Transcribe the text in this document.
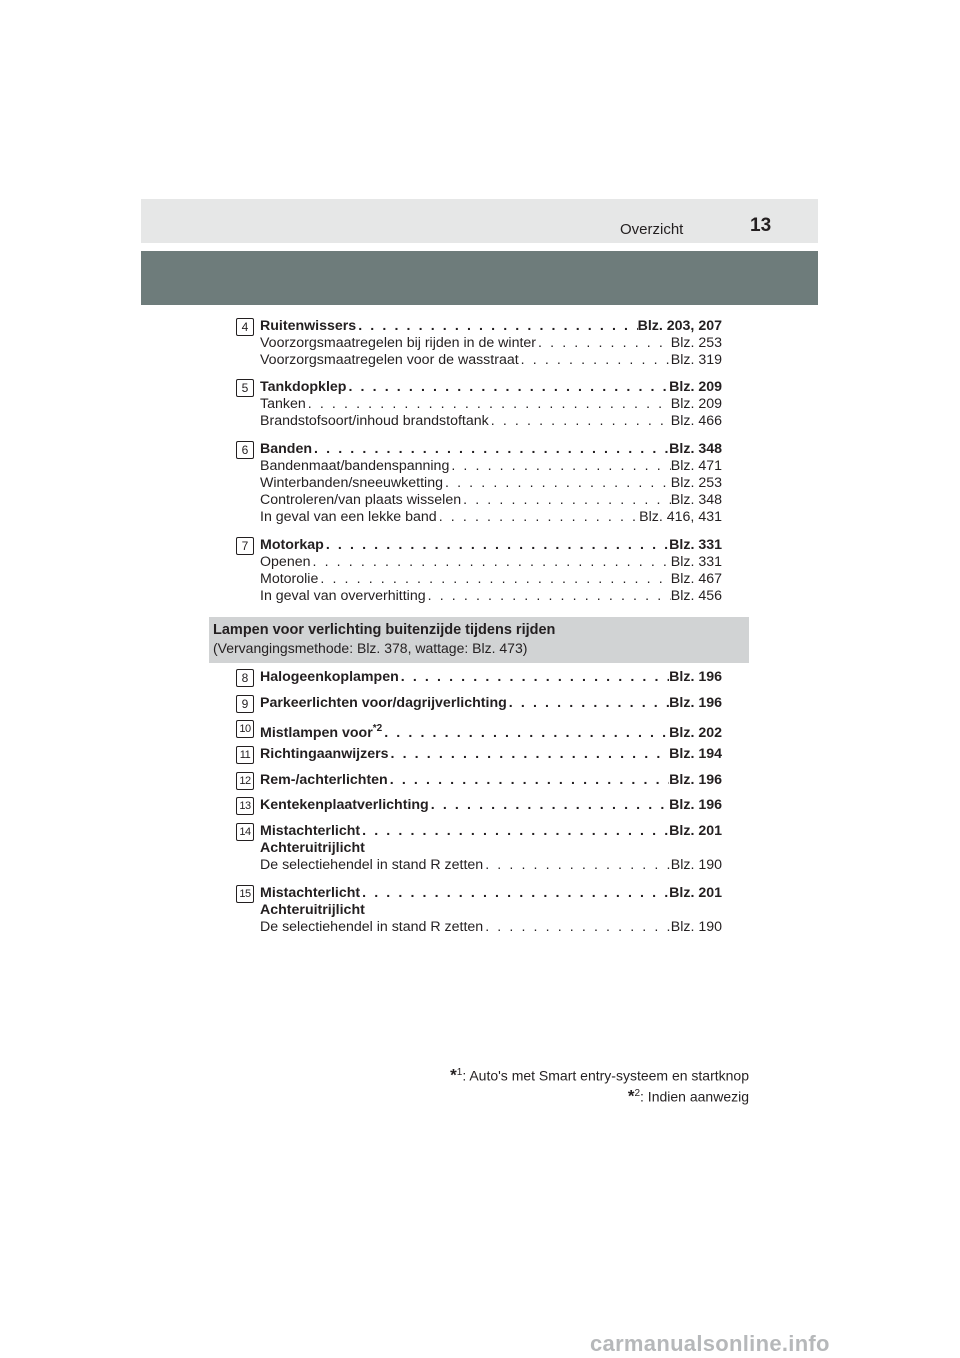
Overzicht	13
4 Ruitenwissers . . .	Blz. 203, 207
Voorzorgsmaatregelen bij rijden in de winter . . .	Blz. 253
Voorzorgsmaatregelen voor de wasstraat . . .	Blz. 319
5 Tankdopklep . . .	Blz. 209
Tanken . . .	Blz. 209
Brandstofsoort/inhoud brandstoftank . . .	Blz. 466
6 Banden . . .	Blz. 348
Bandenmaat/bandenspanning . . .	Blz. 471
Winterbanden/sneeuwketting . . .	Blz. 253
Controleren/van plaats wisselen . . .	Blz. 348
In geval van een lekke band . . .	Blz. 416, 431
7 Motorkap . . .	Blz. 331
Openen . . .	Blz. 331
Motorolie . . .	Blz. 467
In geval van oververhitting . . .	Blz. 456
Lampen voor verlichting buitenzijde tijdens rijden
(Vervangingsmethode: Blz. 378, wattage: Blz. 473)
8 Halogeenkoplampen . . .	Blz. 196
9 Parkeerlichten voor/dagrijverlichting . . .	Blz. 196
10 Mistlampen voor$^{*2}$ . . .	Blz. 202
11 Richtingaanwijzers . . .	Blz. 194
12 Rem-/achterlichten . . .	Blz. 196
13 Kentekenplaatverlichting . . .	Blz. 196
14 Mistachterlicht . . .	Blz. 201
Achteruitrijlicht
De selectiehendel in stand R zetten . . .	Blz. 190
15 Mistachterlicht . . .	Blz. 201
Achteruitrijlicht
De selectiehendel in stand R zetten . . .	Blz. 190
*$^1$: Auto's met Smart entry-systeem en startknop
*$^2$: Indien aanwezig
carmanualsonline.info
